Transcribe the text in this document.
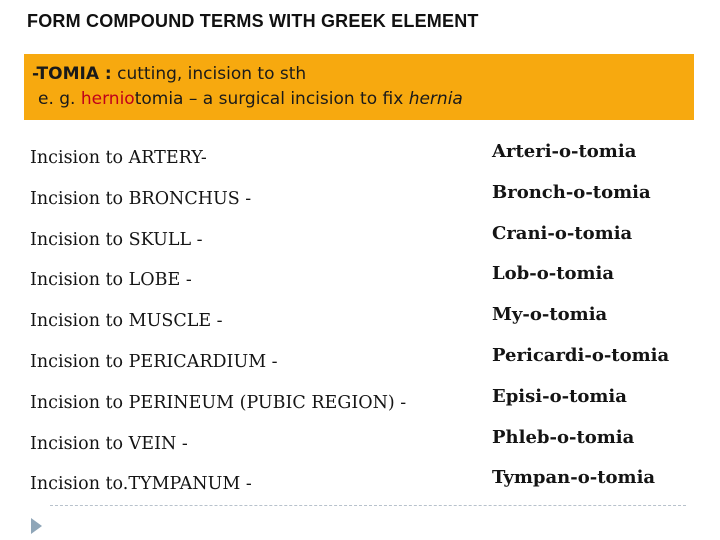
FORM COMPOUND TERMS WITH GREEK ELEMENT
-TOMIA : cutting, incision to sth
e. g. herniotomia – a surgical incision to fix hernia
Incision to ARTERY-	Arteri-o-tomia
Incision to BRONCHUS -	Bronch-o-tomia
Incision to SKULL -	Crani-o-tomia
Incision to LOBE -	Lob-o-tomia
Incision to MUSCLE -	My-o-tomia
Incision to PERICARDIUM -	Pericardi-o-tomia
Incision to PERINEUM (PUBIC REGION) -	Episi-o-tomia
Incision to VEIN -	Phleb-o-tomia
Incision to.TYMPANUM -	Tympan-o-tomia
